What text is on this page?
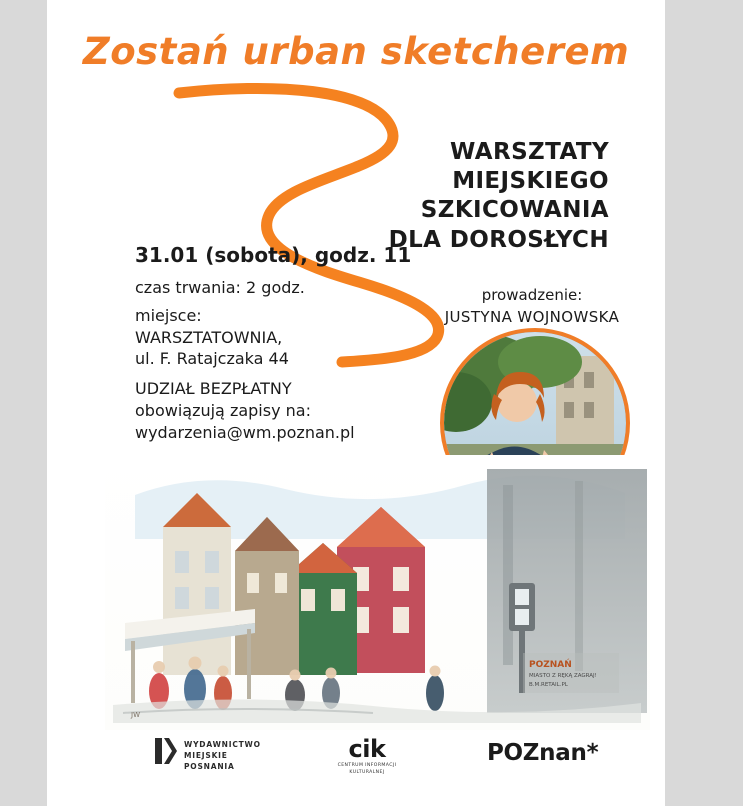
Zostań urban sketcherem
WARSZTATY
MIEJSKIEGO SZKICOWANIA
DLA DOROSŁYCH
31.01 (sobota), godz. 11
czas trwania: 2 godz.
miejsce:
WARSZTATOWNIA,
ul. F. Ratajczaka 44
UDZIAŁ BEZPŁATNY
obowiązują zapisy na:
wydarzenia@wm.poznan.pl
prowadzenie:
JUSTYNA WOJNOWSKA
POZNAŃ
MIASTO Z RĘKĄ ZAGRAJ!
B.M.RETAIL.PL
JW
WYDAWNICTWO
MIEJSKIE
POSNANIA
cik
CENTRUM INFORMACJI
KULTURALNEJ
POZnan*
